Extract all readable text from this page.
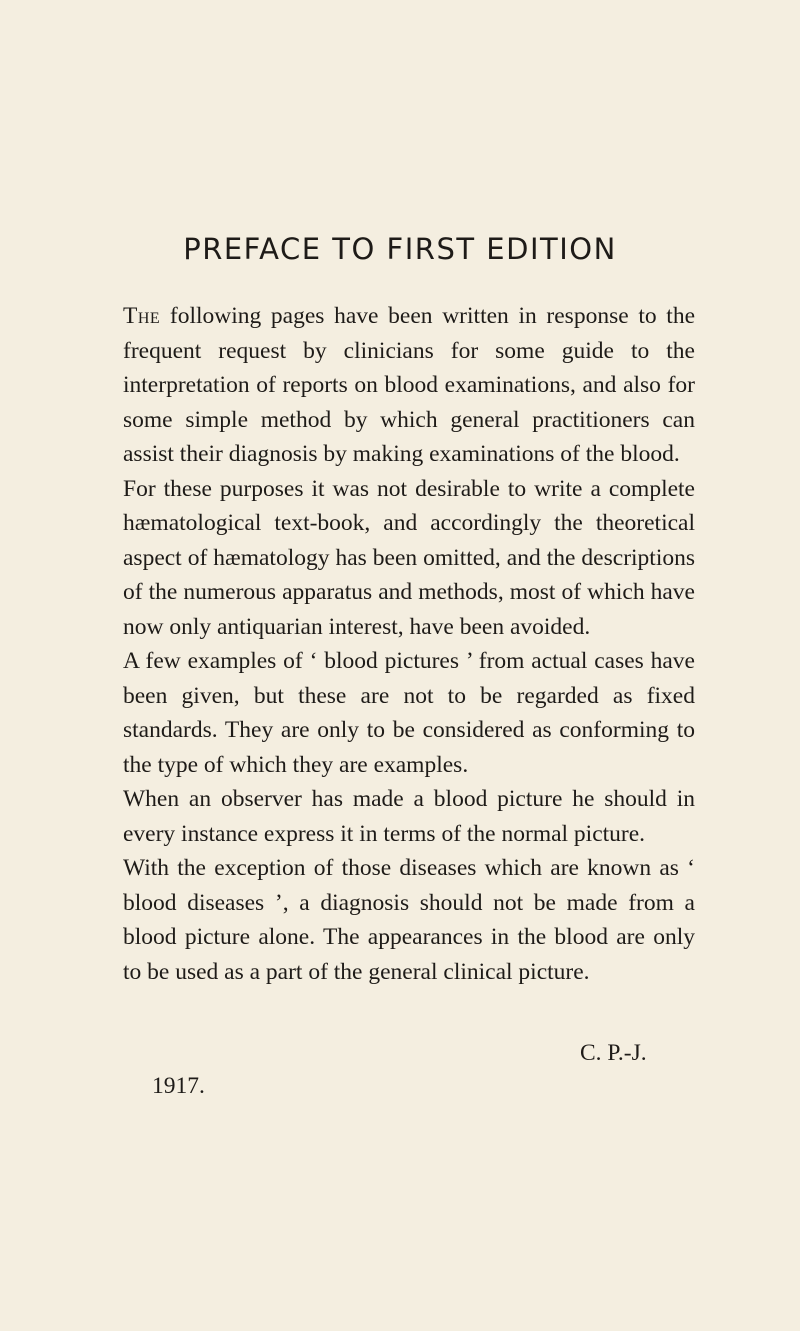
PREFACE TO FIRST EDITION

The following pages have been written in response to the frequent request by clinicians for some guide to the interpretation of reports on blood examinations, and also for some simple method by which general practitioners can assist their diagnosis by making examinations of the blood.

For these purposes it was not desirable to write a complete hæmatological text-book, and accordingly the theoretical aspect of hæmatology has been omitted, and the descriptions of the numerous apparatus and methods, most of which have now only antiquarian interest, have been avoided.

A few examples of ‘ blood pictures ’ from actual cases have been given, but these are not to be regarded as fixed standards. They are only to be considered as conforming to the type of which they are examples.

When an observer has made a blood picture he should in every instance express it in terms of the normal picture.

With the exception of those diseases which are known as ‘ blood diseases ’, a diagnosis should not be made from a blood picture alone. The appearances in the blood are only to be used as a part of the general clinical picture.

C. P.-J.

1917.
